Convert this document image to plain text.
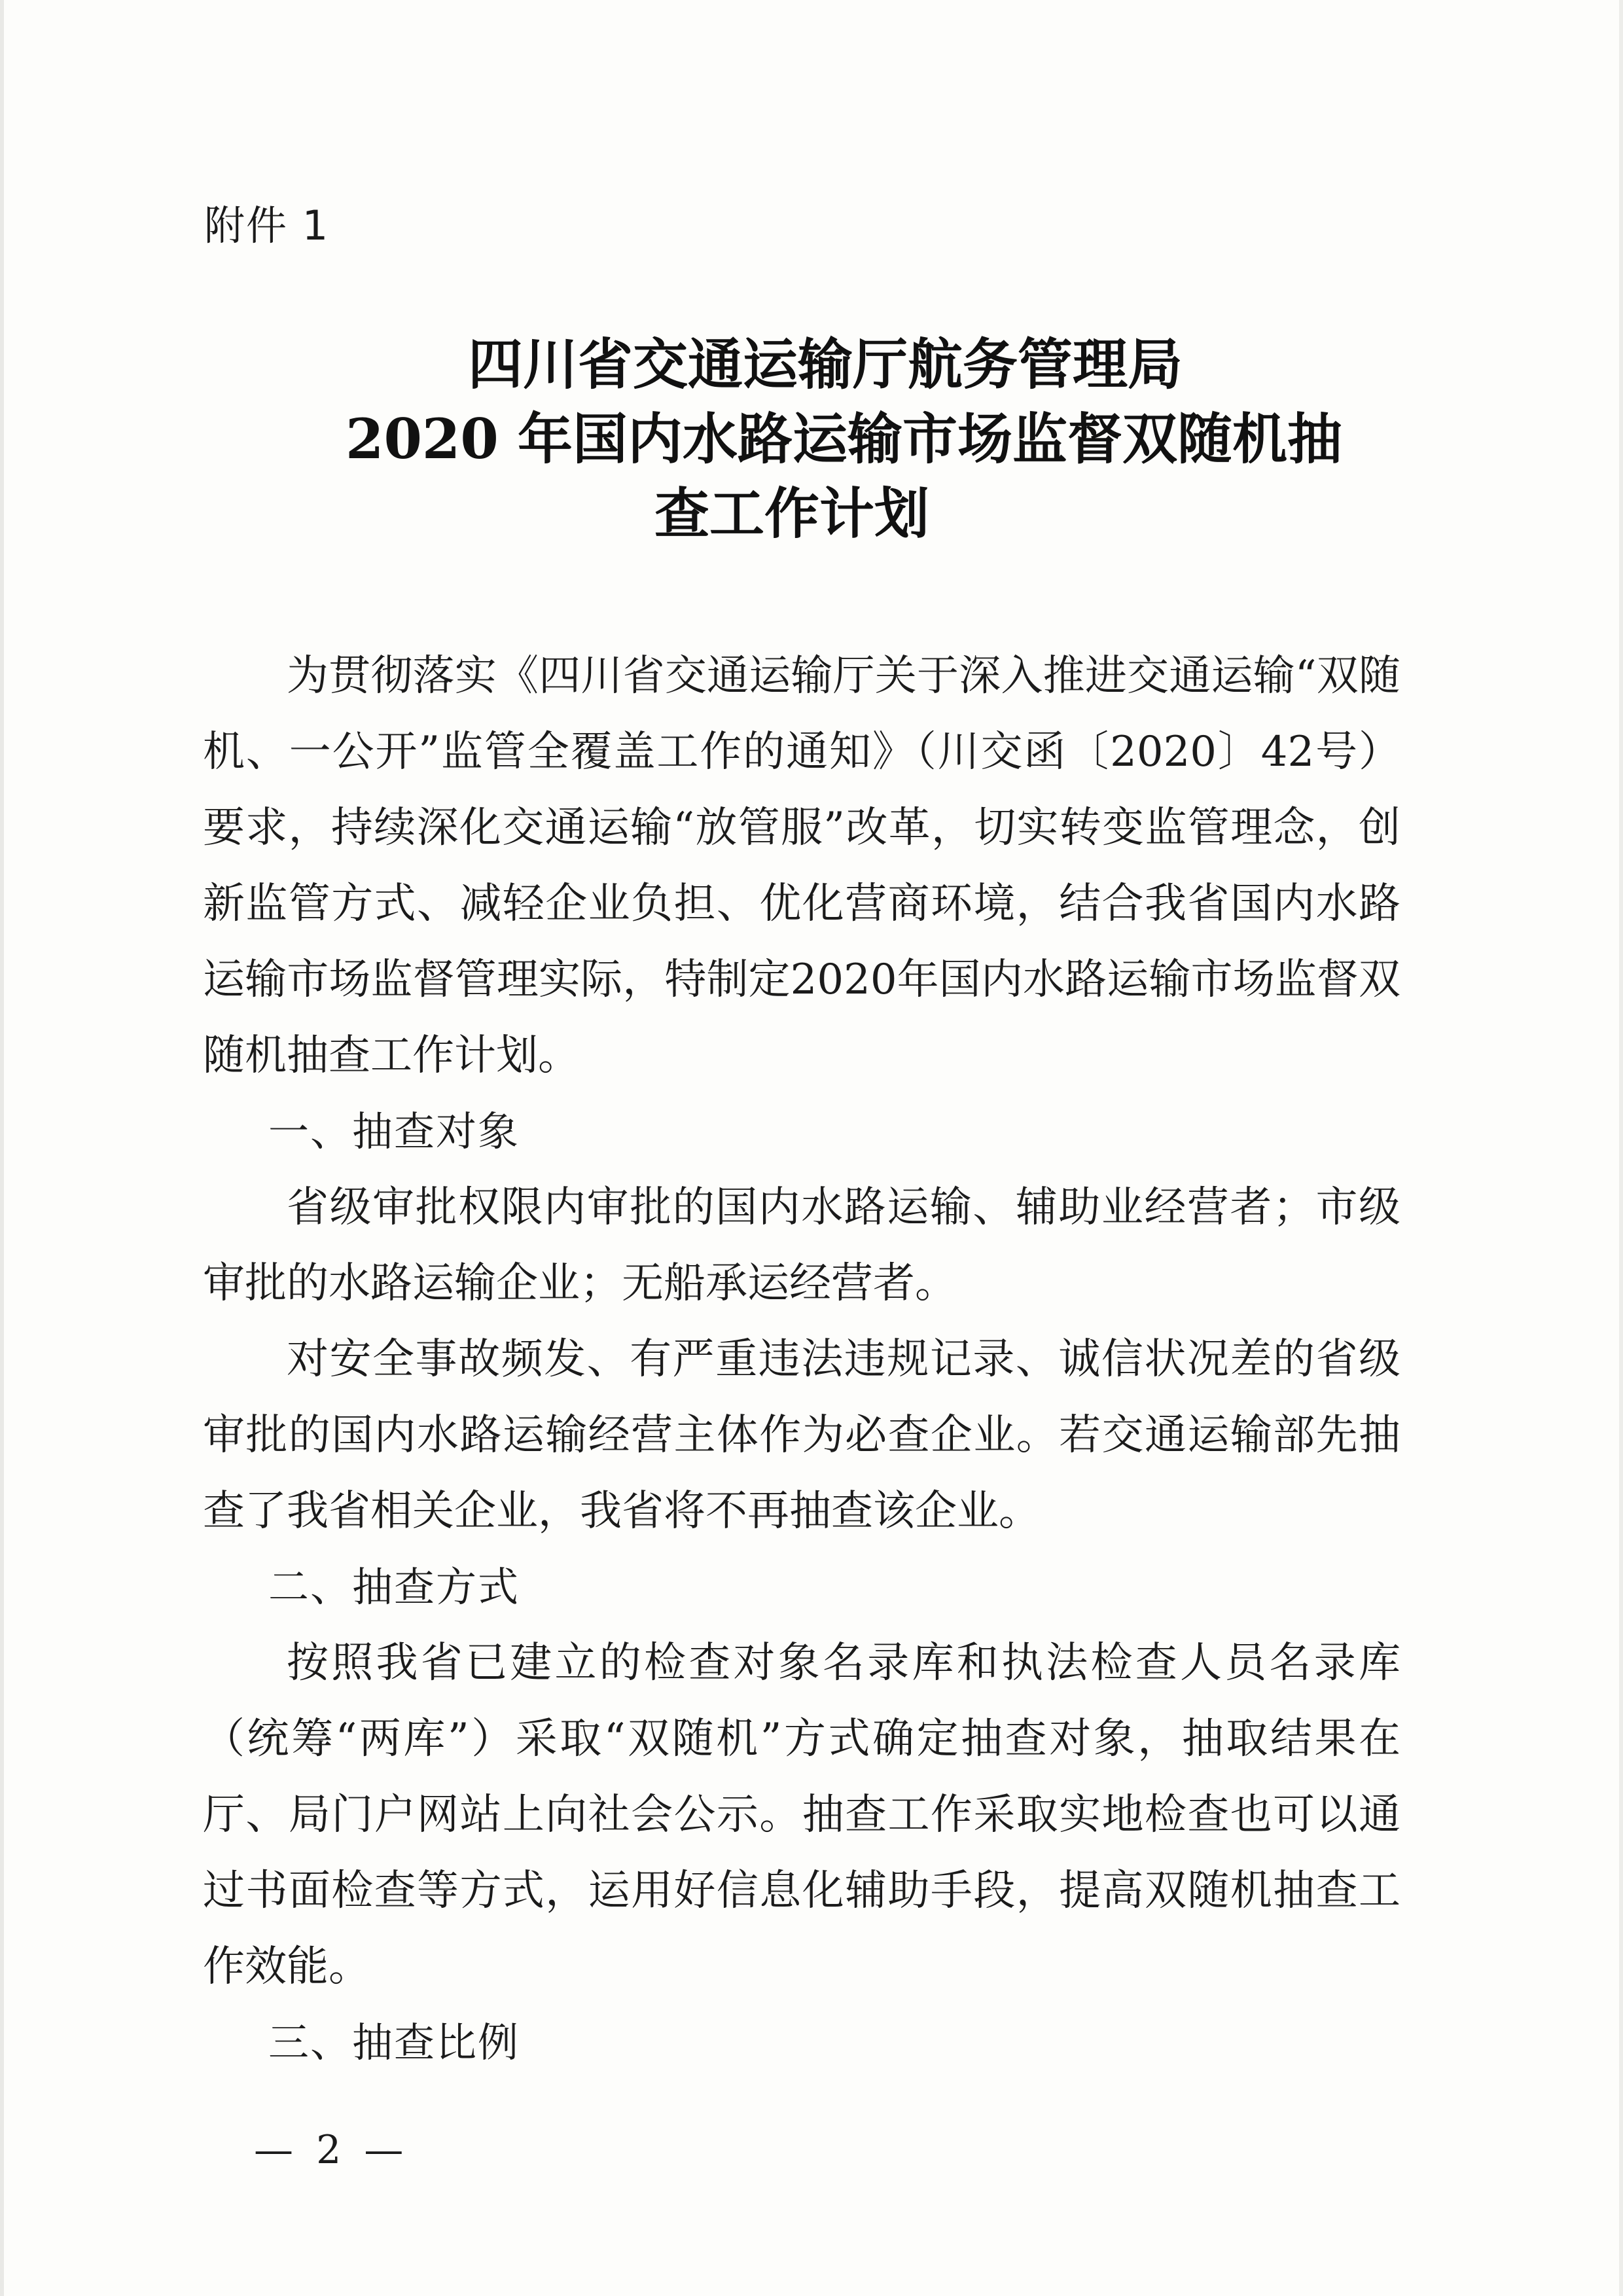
附件 1
四川省交通运输厅航务管理局
2020 年国内水路运输市场监督双随机抽
查工作计划

为贯彻落实《四川省交通运输厅关于深入推进交通运输“双随机、一公开”监管全覆盖工作的通知》（川交函〔2020〕42号）要求，持续深化交通运输“放管服”改革，切实转变监管理念，创新监管方式、减轻企业负担、优化营商环境，结合我省国内水路运输市场监督管理实际，特制定2020年国内水路运输市场监督双随机抽查工作计划。

一、抽查对象

省级审批权限内审批的国内水路运输、辅助业经营者；市级审批的水路运输企业；无船承运经营者。

对安全事故频发、有严重违法违规记录、诚信状况差的省级审批的国内水路运输经营主体作为必查企业。若交通运输部先抽查了我省相关企业，我省将不再抽查该企业。

二、抽查方式

按照我省已建立的检查对象名录库和执法检查人员名录库（统筹“两库”）采取“双随机”方式确定抽查对象，抽取结果在厅、局门户网站上向社会公示。抽查工作采取实地检查也可以通过书面检查等方式，运用好信息化辅助手段，提高双随机抽查工作效能。

三、抽查比例

— 2 —
